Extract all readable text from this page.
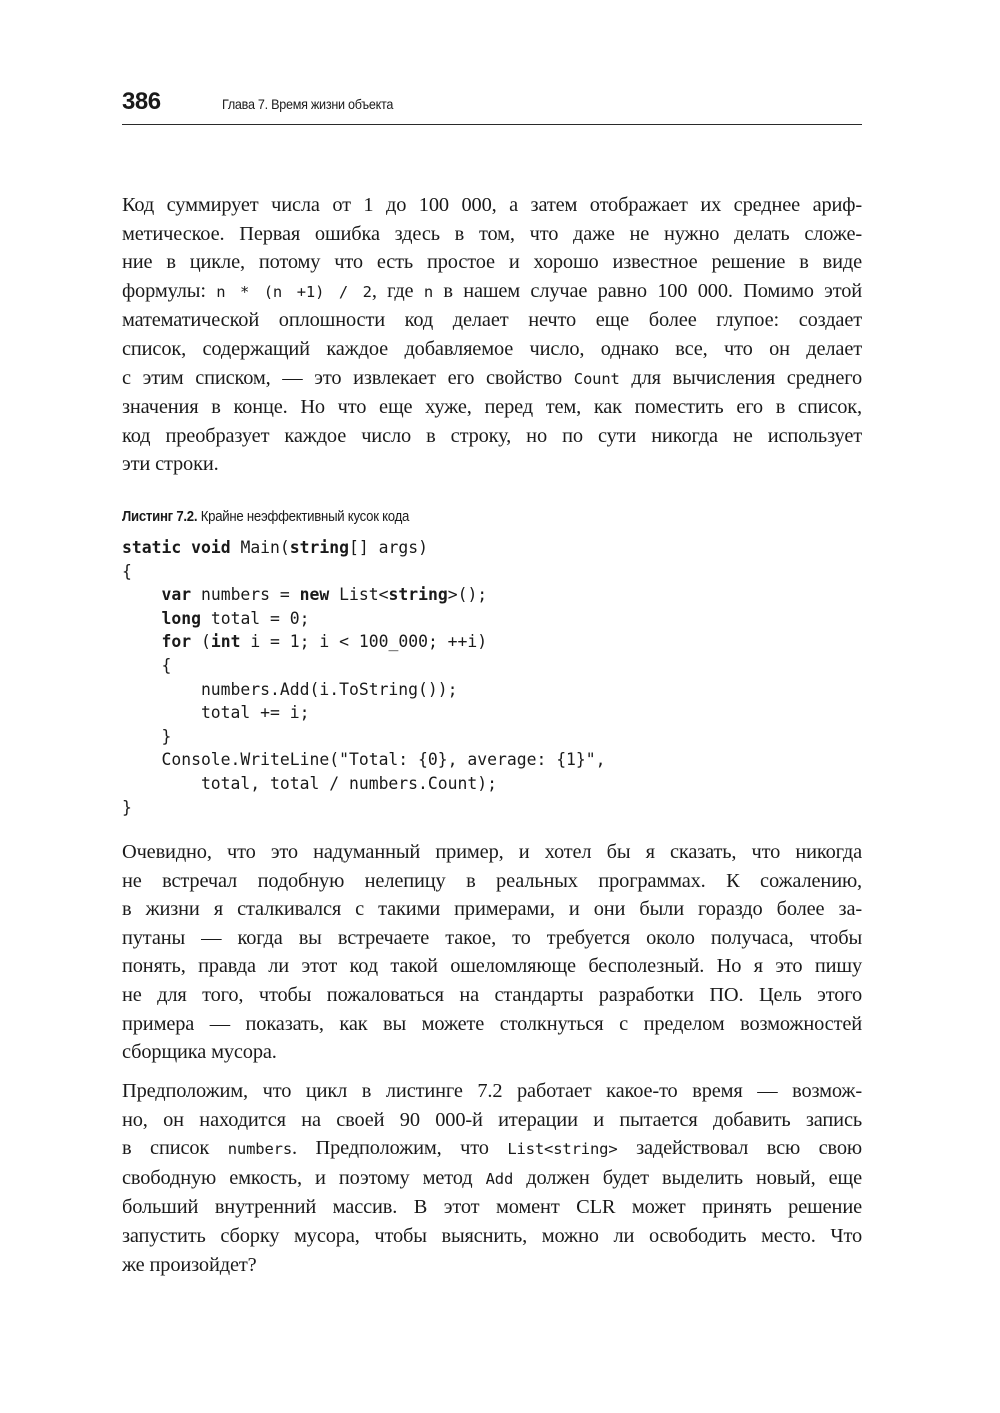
386	Глава 7. Время жизни объекта

Код суммирует числа от 1 до 100 000, а затем отображает их среднее ариф-
метическое. Первая ошибка здесь в том, что даже не нужно делать сложе-
ние в цикле, потому что есть простое и хорошо известное решение в виде
формулы: n * (n +1) / 2, где n в нашем случае равно 100 000. Помимо этой
математической оплошности код делает нечто еще более глупое: создает
список, содержащий каждое добавляемое число, однако все, что он делает
с этим списком, — это извлекает его свойство Count для вычисления среднего
значения в конце. Но что еще хуже, перед тем, как поместить его в список,
код преобразует каждое число в строку, но по сути никогда не использует
эти строки.

Листинг 7.2. Крайне неэффективный кусок кода
static void Main(string[] args)
{
var numbers = new List<string>();
long total = 0;
for (int i = 1; i < 100_000; ++i)
{
numbers.Add(i.ToString());
total += i;
}
Console.WriteLine("Total: {0}, average: {1}",
total, total / numbers.Count);
}

Очевидно, что это надуманный пример, и хотел бы я сказать, что никогда
не встречал подобную нелепицу в реальных программах. К сожалению,
в жизни я сталкивался с такими примерами, и они были гораздо более за-
путаны — когда вы встречаете такое, то требуется около получаса, чтобы
понять, правда ли этот код такой ошеломляюще бесполезный. Но я это пишу
не для того, чтобы пожаловаться на стандарты разработки ПО. Цель этого
примера — показать, как вы можете столкнуться с пределом возможностей
сборщика мусора.

Предположим, что цикл в листинге 7.2 работает какое-то время — возмож-
но, он находится на своей 90 000-й итерации и пытается добавить запись
в список numbers. Предположим, что List<string> задействовал всю свою
свободную емкость, и поэтому метод Add должен будет выделить новый, еще
больший внутренний массив. В этот момент CLR может принять решение
запустить сборку мусора, чтобы выяснить, можно ли освободить место. Что
же произойдет?
